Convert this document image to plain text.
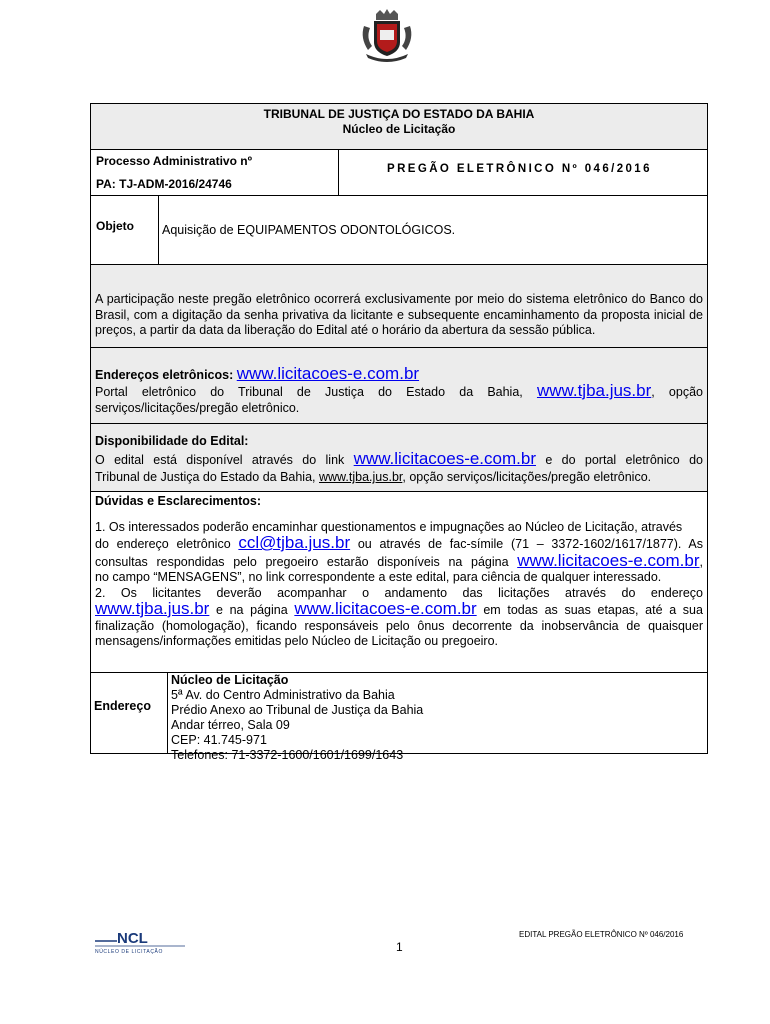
TRIBUNAL DE JUSTIÇA DO ESTADO DA BAHIA
Núcleo de Licitação
Processo Administrativo nº
PA: TJ-ADM-2016/24746
PREGÃO ELETRÔNICO Nº 046/2016
Objeto	Aquisição de EQUIPAMENTOS ODONTOLÓGICOS.
A participação neste pregão eletrônico ocorrerá exclusivamente por meio do sistema eletrônico do Banco do Brasil, com a digitação da senha privativa da licitante e subsequente encaminhamento da proposta inicial de preços, a partir da data da liberação do Edital até o horário da abertura da sessão pública.
Endereços eletrônicos: www.licitacoes-e.com.br
Portal eletrônico do Tribunal de Justiça do Estado da Bahia, www.tjba.jus.br, opção
serviços/licitações/pregão eletrônico.
Disponibilidade do Edital:
O edital está disponível através do link www.licitacoes-e.com.br e do portal eletrônico do
Tribunal de Justiça do Estado da Bahia, www.tjba.jus.br, opção serviços/licitações/pregão eletrônico.
Dúvidas e Esclarecimentos:
1. Os interessados poderão encaminhar questionamentos e impugnações ao Núcleo de Licitação, através
do endereço eletrônico ccl@tjba.jus.br ou através de fac-símile (71 – 3372-1602/1617/1877). As
consultas respondidas pelo pregoeiro estarão disponíveis na página www.licitacoes-e.com.br,
no campo “MENSAGENS”, no link correspondente a este edital, para ciência de qualquer interessado.
2. Os licitantes deverão acompanhar o andamento das licitações através do endereço
www.tjba.jus.br e na página www.licitacoes-e.com.br em todas as suas etapas, até a sua
finalização (homologação), ficando responsáveis pelo ônus decorrente da inobservância de quaisquer mensagens/informações emitidas pelo Núcleo de Licitação ou pregoeiro.
Endereço
Núcleo de Licitação
5ª Av. do Centro Administrativo da Bahia
Prédio Anexo ao Tribunal de Justiça da Bahia
Andar térreo, Sala 09
CEP: 41.745-971
Telefones: 71-3372-1600/1601/1699/1643
NCL
NÚCLEO DE LICITAÇÃO
EDITAL PREGÃO ELETRÔNICO Nº 046/2016
1
